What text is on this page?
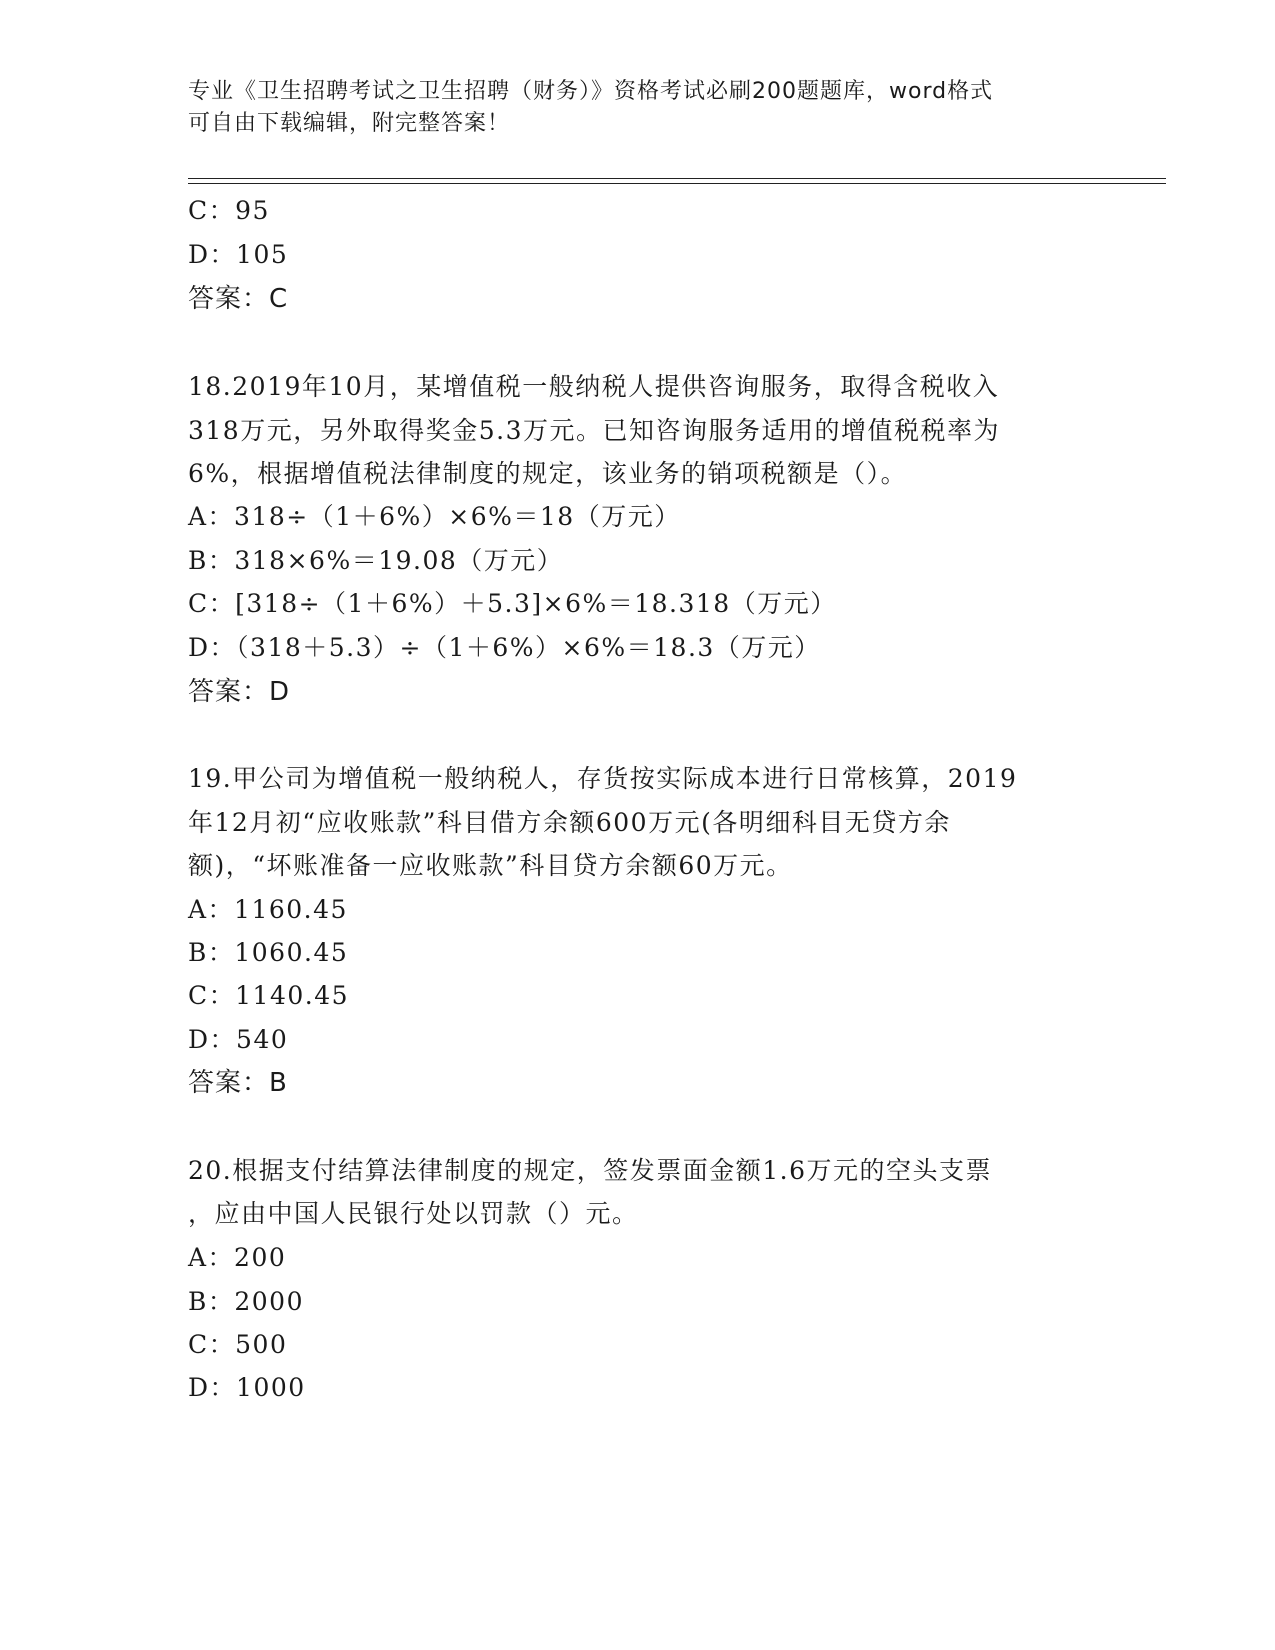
专业《卫生招聘考试之卫生招聘（财务）》资格考试必刷200题题库，word格式
可自由下载编辑，附完整答案！
C：95
D：105
答案：C
18.2019年10月，某增值税一般纳税人提供咨询服务，取得含税收入
318万元，另外取得奖金5.3万元。已知咨询服务适用的增值税税率为
6%，根据增值税法律制度的规定，该业务的销项税额是（）。
A：318÷（1＋6%）×6%＝18（万元）
B：318×6%＝19.08（万元）
C：[318÷（1＋6%）＋5.3]×6%＝18.318（万元）
D：（318＋5.3）÷（1＋6%）×6%＝18.3（万元）
答案：D
19.甲公司为增值税一般纳税人，存货按实际成本进行日常核算，2019
年12月初“应收账款”科目借方余额600万元(各明细科目无贷方余
额)，“坏账准备一应收账款”科目贷方余额60万元。
A：1160.45
B：1060.45
C：1140.45
D：540
答案：B
20.根据支付结算法律制度的规定，签发票面金额1.6万元的空头支票
，应由中国人民银行处以罚款（）元。
A：200
B：2000
C：500
D：1000
